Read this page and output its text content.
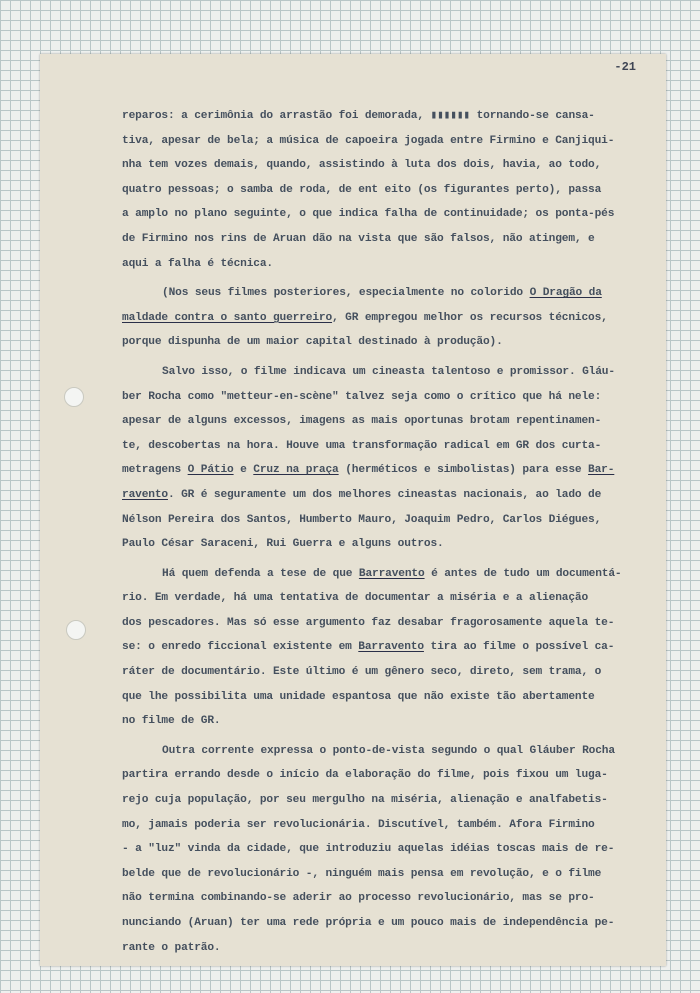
-21
reparos: a cerimônia do arrastão foi demorada, ▮▮▮▮▮▮ tornando-se cansa-
tiva, apesar de bela; a música de capoeira jogada entre Firmino e Canjiqui-
nha tem vozes demais, quando, assistindo à luta dos dois, havia, ao todo,
quatro pessoas; o samba de roda, de ent eito (os figurantes perto), passa
a amplo no plano seguinte, o que indica falha de continuidade; os ponta-pés
de Firmino nos rins de Aruan dão na vista que são falsos, não atingem, e
aqui a falha é técnica.
(Nos seus filmes posteriores, especialmente no colorido O Dragão da
maldade contra o santo guerreiro, GR empregou melhor os recursos técnicos,
porque dispunha de um maior capital destinado à produção).
Salvo isso, o filme indicava um cineasta talentoso e promissor. Gláu-
ber Rocha como "metteur-en-scène" talvez seja como o crítico que há nele:
apesar de alguns excessos, imagens as mais oportunas brotam repentinamen-
te, descobertas na hora. Houve uma transformação radical em GR dos curta-
metragens O Pátio e Cruz na praça (herméticos e simbolistas) para esse Bar-
ravento. GR é seguramente um dos melhores cineastas nacionais, ao lado de
Nélson Pereira dos Santos, Humberto Mauro, Joaquim Pedro, Carlos Diégues,
Paulo César Saraceni, Rui Guerra e alguns outros.
Há quem defenda a tese de que Barravento é antes de tudo um documentá-
rio. Em verdade, há uma tentativa de documentar a miséria e a alienação
dos pescadores. Mas só esse argumento faz desabar fragorosamente aquela te-
se: o enredo ficcional existente em Barravento tira ao filme o possível ca-
ráter de documentário. Este último é um gênero seco, direto, sem trama, o
que lhe possibilita uma unidade espantosa que não existe tão abertamente
no filme de GR.
Outra corrente expressa o ponto-de-vista segundo o qual Gláuber Rocha
partira errando desde o início da elaboração do filme, pois fixou um luga-
rejo cuja população, por seu mergulho na miséria, alienação e analfabetis-
mo, jamais poderia ser revolucionária. Discutível, também. Afora Firmino
- a "luz" vinda da cidade, que introduziu aquelas idéias toscas mais de re-
belde que de revolucionário -, ninguém mais pensa em revolução, e o filme
não termina combinando-se aderir ao processo revolucionário, mas se pro-
nunciando (Aruan) ter uma rede própria e um pouco mais de independência pe-
rante o patrão.
